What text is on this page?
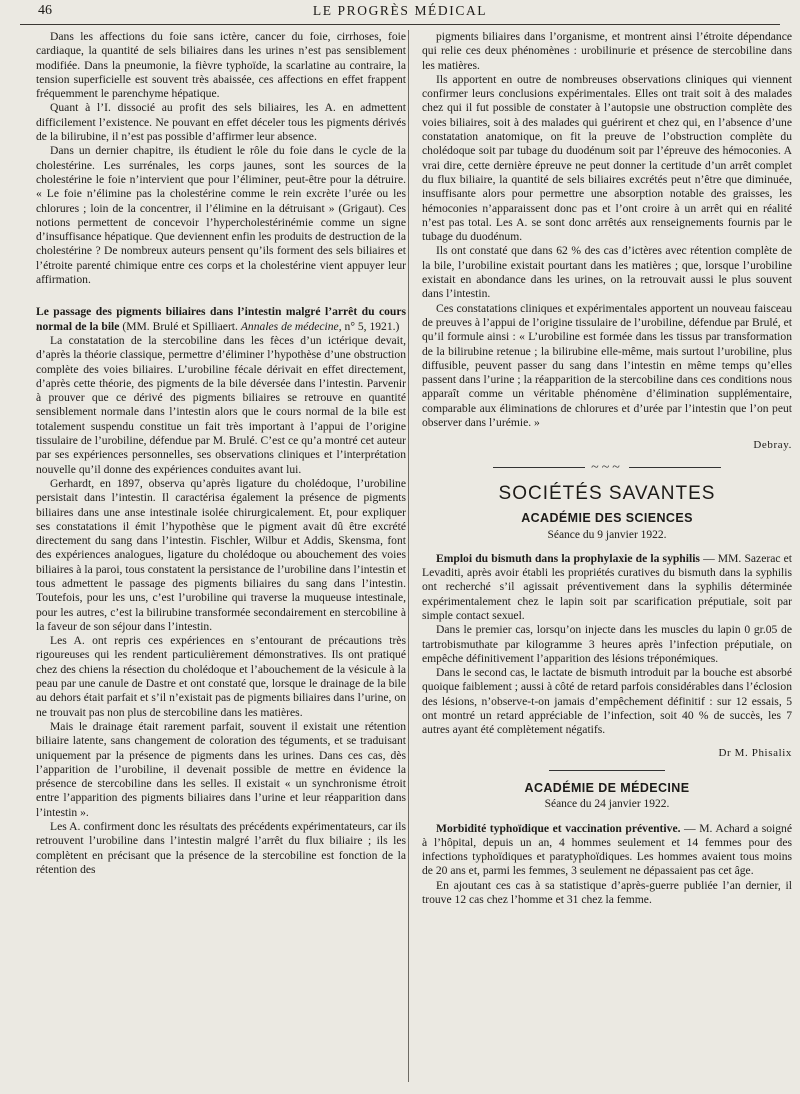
46	LE PROGRÈS MÉDICAL

Dans les affections du foie sans ictère, cancer du foie, cirrhoses, foie cardiaque, la quantité de sels biliaires dans les urines n’est pas sensiblement modifiée. Dans la pneumonie, la fièvre typhoïde, la scarlatine au contraire, la tension superficielle est souvent très abaissée, ces affections en effet frappent fréquemment le parenchyme hépatique.

Quant à l’I. dissocié au profit des sels biliaires, les A. en admettent difficilement l’existence. Ne pouvant en effet déceler tous les pigments dérivés de la bilirubine, il n’est pas possible d’affirmer leur absence.

Dans un dernier chapitre, ils étudient le rôle du foie dans le cycle de la cholestérine. Les surrénales, les corps jaunes, sont les sources de la cholestérine le foie n’intervient que pour l’éliminer, peut-être pour la détruire. « Le foie n’élimine pas la cholestérine comme le rein excrète l’urée ou les chlorures ; loin de la concentrer, il l’élimine en la détruisant » (Grigaut). Ces notions permettent de concevoir l’hypercholestérinémie comme un signe d’insuffisance hépatique. Que deviennent enfin les produits de destruction de la cholestérine ? De nombreux auteurs pensent qu’ils forment des sels biliaires et l’étroite parenté chimique entre ces corps et la cholestérine vient appuyer leur affirmation.

Le passage des pigments biliaires dans l’intestin malgré l’arrêt du cours normal de la bile (MM. Brulé et Spilliaert. Annales de médecine, n° 5, 1921.)

La constatation de la stercobiline dans les fèces d’un ictérique devait, d’après la théorie classique, permettre d’éliminer l’hypothèse d’une obstruction complète des voies biliaires. L’urobiline fécale dérivait en effet directement, d’après cette théorie, des pigments de la bile déversée dans l’intestin. Parvenir à prouver que ce dérivé des pigments biliaires se retrouve en quantité sensiblement normale dans l’intestin alors que le cours normal de la bile est totalement suspendu constitue un fait très important à l’appui de l’origine tissulaire de l’urobiline, défendue par M. Brulé. C’est ce qu’a montré cet auteur par ses expériences personnelles, ses observations cliniques et l’interprétation nouvelle qu’il donne des expériences conduites avant lui.

Gerhardt, en 1897, observa qu’après ligature du cholédoque, l’urobiline persistait dans l’intestin. Il caractérisa également la présence de pigments biliaires dans une anse intestinale isolée chirurgicalement. Et, pour expliquer ses constatations il émit l’hypothèse que le pigment avait dû être excrété directement du sang dans l’intestin. Fischler, Wilbur et Addis, Skensma, font des expériences analogues, ligature du cholédoque ou abouchement des voies biliaires à la paroi, tous constatent la persistance de l’urobiline dans l’intestin et tous admettent le passage des pigments biliaires du sang dans l’intestin. Toutefois, pour les uns, c’est l’urobiline qui traverse la muqueuse intestinale, pour les autres, c’est la bilirubine transformée secondairement en stercobiline à la faveur de son séjour dans l’intestin.

Les A. ont repris ces expériences en s’entourant de précautions très rigoureuses qui les rendent particulièrement démonstratives. Ils ont pratiqué chez des chiens la résection du cholédoque et l’abouchement de la vésicule à la peau par une canule de Dastre et ont constaté que, lorsque le drainage de la bile au dehors était parfait et s’il n’existait pas de pigments biliaires dans l’urine, on ne trouvait pas non plus de stercobiline dans les matières.

Mais le drainage était rarement parfait, souvent il existait une rétention biliaire latente, sans changement de coloration des téguments, et se traduisant uniquement par la présence de pigments dans les urines. Dans ces cas, dès l’apparition de l’urobiline, il devenait possible de mettre en évidence la présence de stercobiline dans les selles. Il existait « un synchronisme étroit entre l’apparition des pigments biliaires dans l’urine et leur réapparition dans l’intestin ».

Les A. confirment donc les résultats des précédents expérimentateurs, car ils retrouvent l’urobiline dans l’intestin malgré l’arrêt du flux biliaire ; ils les complètent en précisant que la présence de la stercobiline est fonction de la rétention des

pigments biliaires dans l’organisme, et montrent ainsi l’étroite dépendance qui relie ces deux phénomènes : urobilinurie et présence de stercobiline dans les matières.

Ils apportent en outre de nombreuses observations cliniques qui viennent confirmer leurs conclusions expérimentales. Elles ont trait soit à des malades chez qui il fut possible de constater à l’autopsie une obstruction complète des voies biliaires, soit à des malades qui guérirent et chez qui, en l’absence d’une constatation anatomique, on fit la preuve de l’obstruction complète du cholédoque soit par tubage du duodénum soit par l’épreuve des hémoconies. A vrai dire, cette dernière épreuve ne peut donner la certitude d’un arrêt complet du flux biliaire, la quantité de sels biliaires excrétés peut n’être que diminuée, insuffisante alors pour permettre une absorption notable des graisses, les hémoconies n’apparaissent donc pas et l’ont croire à un arrêt qui en réalité n’est pas total. Les A. se sont donc arrêtés aux renseignements fournis par le tubage du duodénum.

Ils ont constaté que dans 62 % des cas d’ictères avec rétention complète de la bile, l’urobiline existait pourtant dans les matières ; que, lorsque l’urobiline existait en abondance dans les urines, on la retrouvait aussi le plus souvent dans l’intestin.

Ces constatations cliniques et expérimentales apportent un nouveau faisceau de preuves à l’appui de l’origine tissulaire de l’urobiline, défendue par Brulé, et qu’il formule ainsi : « L’urobiline est formée dans les tissus par transformation de la bilirubine retenue ; la bilirubine elle-même, mais surtout l’urobiline, plus diffusible, peuvent passer du sang dans l’intestin en même temps qu’elles passent dans l’urine ; la réapparition de la stercobiline dans ces conditions nous apparaît comme un véritable phénomène d’élimination supplémentaire, comparable aux éliminations de chlorures et d’urée par l’intestin que l’on peut observer dans l’urémie. »

Debray.

~~~
SOCIÉTÉS SAVANTES

ACADÉMIE DES SCIENCES

Séance du 9 janvier 1922.

Emploi du bismuth dans la prophylaxie de la syphilis — MM. Sazerac et Levaditi, après avoir établi les propriétés curatives du bismuth dans la syphilis ont recherché s’il agissait préventivement dans la syphilis déterminée expérimentalement chez le lapin soit par scarification préputiale, soit par simple contact sexuel.

Dans le premier cas, lorsqu’on injecte dans les muscles du lapin 0 gr.05 de tartrobismuthate par kilogramme 3 heures après l’infection préputiale, on empêche définitivement l’apparition des lésions tréponémiques.

Dans le second cas, le lactate de bismuth introduit par la bouche est absorbé quoique faiblement ; aussi à côté de retard parfois considérables dans l’éclosion des lésions, n’observe-t-on jamais d’empêchement définitif : sur 12 essais, 5 ont montré un retard appréciable de l’infection, soit 40 % de succès, les 7 autres ayant été complètement négatifs.

Dr M. Phisalix

ACADÉMIE DE MÉDECINE

Séance du 24 janvier 1922.

Morbidité typhoïdique et vaccination préventive. — M. Achard a soigné à l’hôpital, depuis un an, 4 hommes seulement et 14 femmes pour des infections typhoïdiques et paratyphoïdiques. Les hommes avaient tous moins de 20 ans et, parmi les femmes, 3 seulement ne dépassaient pas cet âge.

En ajoutant ces cas à sa statistique d’après-guerre publiée l’an dernier, il trouve 12 cas chez l’homme et 31 chez la femme.
